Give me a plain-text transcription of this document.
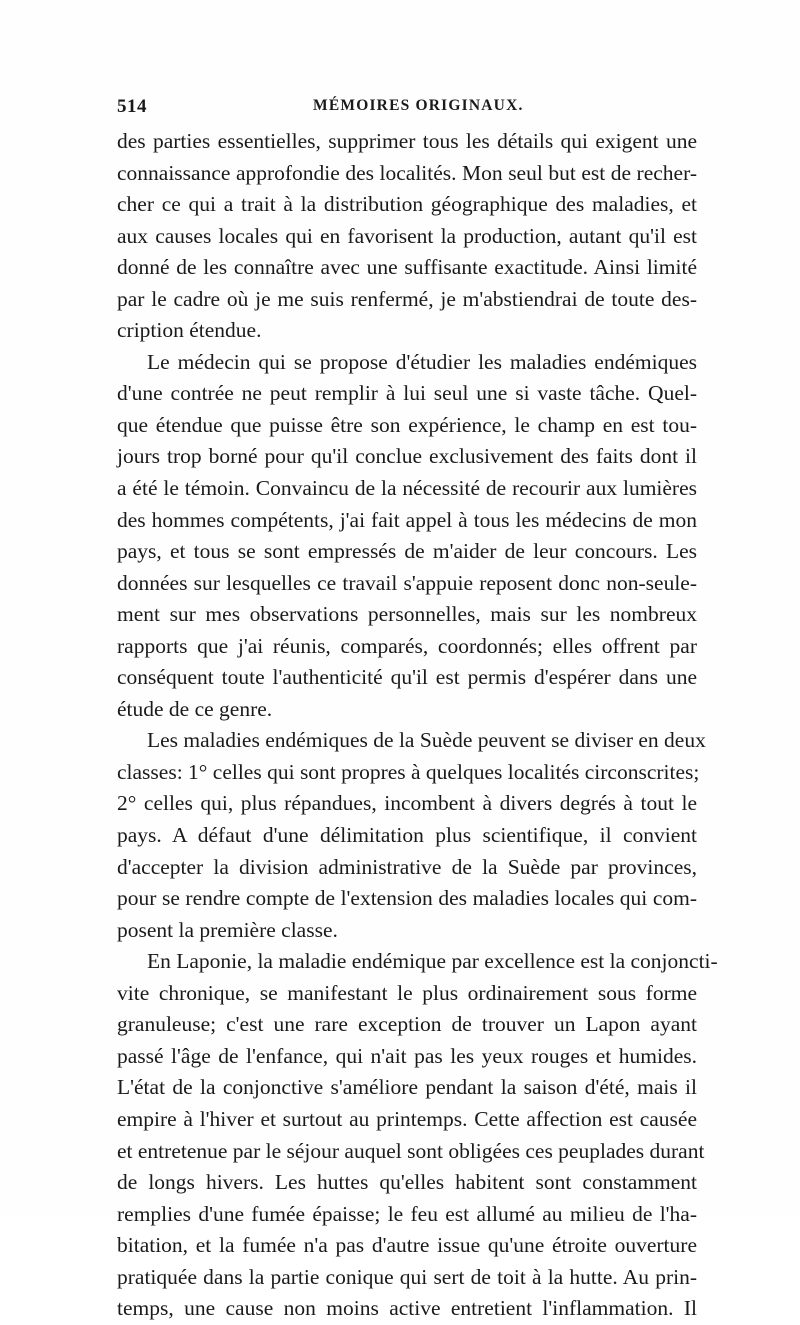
514	MÉMOIRES ORIGINAUX.
des parties essentielles, supprimer tous les détails qui exigent une
connaissance approfondie des localités. Mon seul but est de recher-
cher ce qui a trait à la distribution géographique des maladies, et
aux causes locales qui en favorisent la production, autant qu'il est
donné de les connaître avec une suffisante exactitude. Ainsi limité
par le cadre où je me suis renfermé, je m'abstiendrai de toute des-
cription étendue.
Le médecin qui se propose d'étudier les maladies endémiques
d'une contrée ne peut remplir à lui seul une si vaste tâche. Quel-
que étendue que puisse être son expérience, le champ en est tou-
jours trop borné pour qu'il conclue exclusivement des faits dont il
a été le témoin. Convaincu de la nécessité de recourir aux lumières
des hommes compétents, j'ai fait appel à tous les médecins de mon
pays, et tous se sont empressés de m'aider de leur concours. Les
données sur lesquelles ce travail s'appuie reposent donc non-seule-
ment sur mes observations personnelles, mais sur les nombreux
rapports que j'ai réunis, comparés, coordonnés; elles offrent par
conséquent toute l'authenticité qu'il est permis d'espérer dans une
étude de ce genre.
Les maladies endémiques de la Suède peuvent se diviser en deux
classes: 1° celles qui sont propres à quelques localités circonscrites;
2° celles qui, plus répandues, incombent à divers degrés à tout le
pays. A défaut d'une délimitation plus scientifique, il convient
d'accepter la division administrative de la Suède par provinces,
pour se rendre compte de l'extension des maladies locales qui com-
posent la première classe.
En Laponie, la maladie endémique par excellence est la conjoncti-
vite chronique, se manifestant le plus ordinairement sous forme
granuleuse; c'est une rare exception de trouver un Lapon ayant
passé l'âge de l'enfance, qui n'ait pas les yeux rouges et humides.
L'état de la conjonctive s'améliore pendant la saison d'été, mais il
empire à l'hiver et surtout au printemps. Cette affection est causée
et entretenue par le séjour auquel sont obligées ces peuplades durant
de longs hivers. Les huttes qu'elles habitent sont constamment
remplies d'une fumée épaisse; le feu est allumé au milieu de l'ha-
bitation, et la fumée n'a pas d'autre issue qu'une étroite ouverture
pratiquée dans la partie conique qui sert de toit à la hutte. Au prin-
temps, une cause non moins active entretient l'inflammation. Il
